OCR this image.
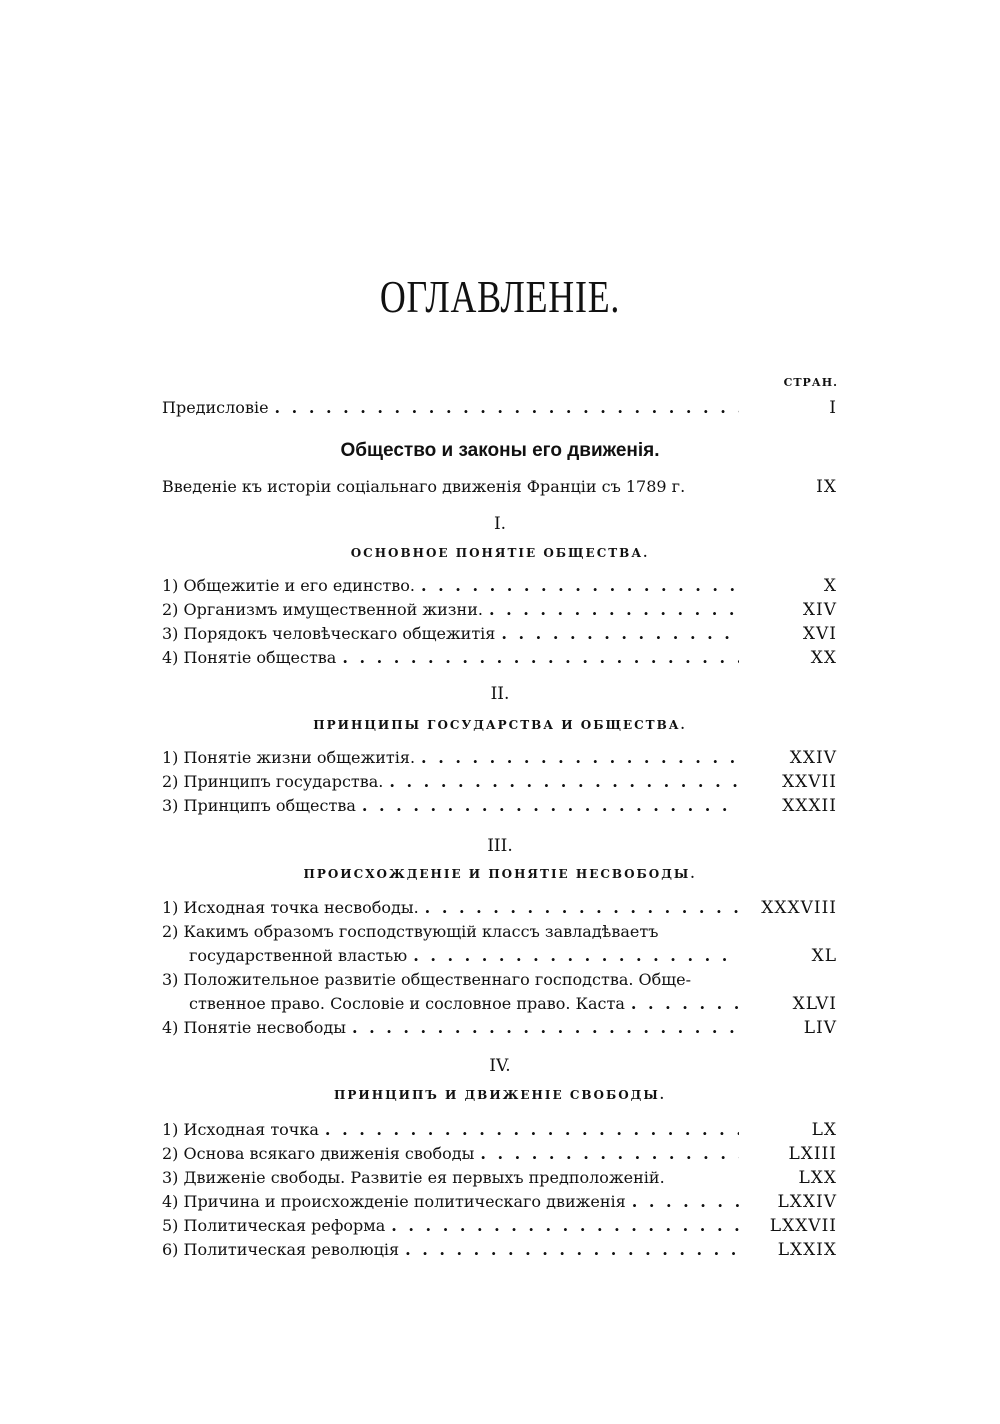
ОГЛАВЛЕНІЕ.
СТРАН.
Предисловіе . . .	I
Общество и законы его движенія.
Введеніе къ исторіи соціальнаго движенія Франціи съ 1789 г.	IX
I.
ОСНОВНОЕ ПОНЯТІЕ ОБЩЕСТВА.
1) Общежитіе и его единство. . . .	X
2) Организмъ имущественной жизни. . . .	XIV
3) Порядокъ человѣческаго общежитія . . .	XVI
4) Понятіе общества . . .	XX
II.
ПРИНЦИПЫ ГОСУДАРСТВА И ОБЩЕСТВА.
1) Понятіе жизни общежитія. . . .	XXIV
2) Принципъ государства. . . .	XXVII
3) Принципъ общества . . .	XXXII
III.
ПРОИСХОЖДЕНІЕ И ПОНЯТІЕ НЕСВОБОДЫ.
1) Исходная точка несвободы. . . .	XXXVIII
2) Какимъ образомъ господствующій классъ завладѣваетъ
государственной властью . . .	XL
3) Положительное развитіе общественнаго господства. Обще-
ственное право. Сословіе и сословное право. Каста . . .	XLVI
4) Понятіе несвободы . . .	LIV
IV.
ПРИНЦИПЪ И ДВИЖЕНІЕ СВОБОДЫ.
1) Исходная точка . . .	LX
2) Основа всякаго движенія свободы . . .	LXIII
3) Движеніе свободы. Развитіе ея первыхъ предположеній.	LXX
4) Причина и происхожденіе политическаго движенія . . .	LXXIV
5) Политическая реформа . . .	LXXVII
6) Политическая революція . . .	LXXIX
